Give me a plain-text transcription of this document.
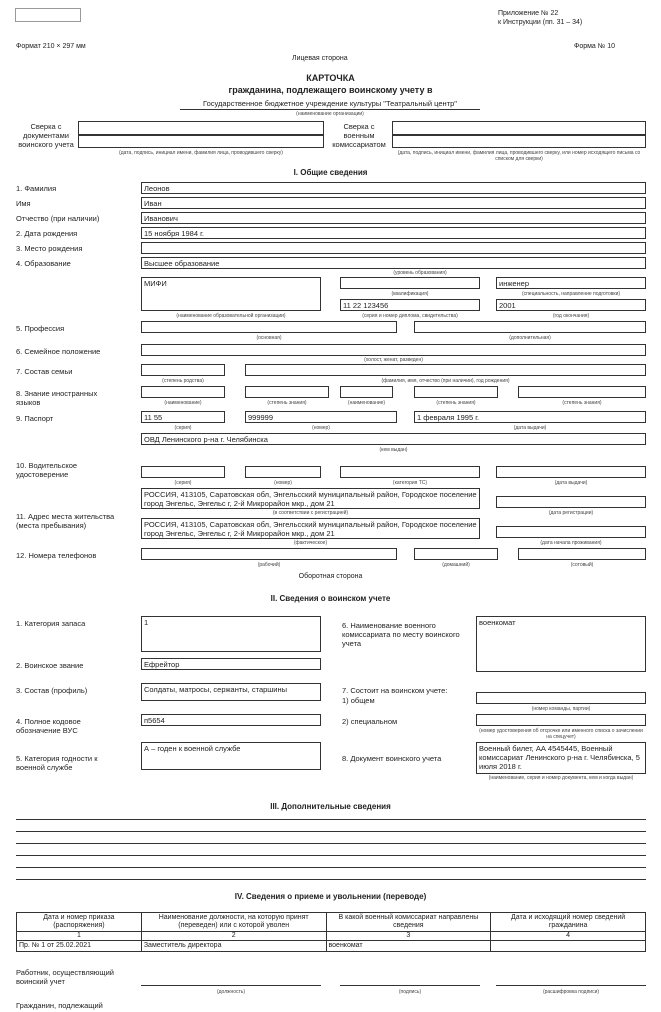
Приложение № 22
к Инструкции (пп. 31 – 34)
Формат 210 × 297 мм	Форма № 10
Лицевая сторона
КАРТОЧКА
гражданина, подлежащего воинскому учету в
Государственное бюджетное учреждение культуры "Театральный центр"
(наименование организации)
Сверка с документами воинского учета
(дата, подпись, инициал имени, фамилия лица, проводившего сверку)
Сверка с военным комиссариатом
(дата, подпись, инициал имени, фамилия лица, проводившего сверку, или номер исходящего письма со списком для сверки)
I. Общие сведения
1. Фамилия	Леонов
Имя	Иван
Отчество (при наличии)	Иванович
2. Дата рождения	15 ноября 1984 г.
3. Место рождения
4. Образование	Высшее образование
(уровень образования)
МИФИ
(наименование образовательной организации)
(квалификация)
инженер
(специальность, направление подготовки)
11 22 123456
(серия и номер диплома, свидетельства)
2001
(год окончания)
5. Профессия
(основная)	(дополнительная)
6. Семейное положение
(холост, женат, разведен)
7. Состав семьи
(степень родства)	(фамилия, имя, отчество (при наличии), год рождения)
8. Знание иностранных языков	(наименование)	(степень знания)	(наименование)	(степень знания)	(степень знания)
9. Паспорт	11 55
(серия)
999999
(номер)
1 февраля 1995 г.
(дата выдачи)
ОВД Ленинского р-на г. Челябинска
(кем выдан)
10. Водительское удостоверение
(серия)	(номер)	(категория ТС)	(дата выдачи)
11. Адрес места жительства (места пребывания)
РОССИЯ, 413105, Саратовская обл, Энгельсский муниципальный район, Городское поселение город Энгельс, Энгельс г, 2-й Микрорайон мкр., дом 21
(в соответствии с регистрацией)	(дата регистрации)
РОССИЯ, 413105, Саратовская обл, Энгельсский муниципальный район, Городское поселение город Энгельс, Энгельс г, 2-й Микрорайон мкр., дом 21
(фактическое)	(дата начала проживания)
12. Номера телефонов
(рабочий)	(домашний)	(сотовый)
Оборотная сторона
II. Сведения о воинском учете
1. Категория запаса	1	6. Наименование военного комиссариата по месту воинского учета
военкомат
2. Воинское звание	Ефрейтор
3. Состав (профиль)	Солдаты, матросы, сержанты, старшины	7. Состоит на воинском учете:
1) общем
(номер команды, партии)
4. Полное кодовое обозначение ВУС
п5654	2) специальном
(номер удостоверения об отсрочке или именного списка о зачислении на спецучет)
5. Категория годности к военной службе
А – годен к военной службе
8. Документ воинского учета
Военный билет, АА 4545445, Военный комиссариат Ленинского р-на г. Челябинска, 5 июля 2018 г.
(наименование, серия и номер документа, кем и когда выдан)
III. Дополнительные сведения
IV. Сведения о приеме и увольнении (переводе)
Дата и номер приказа (распоряжения)	Наименование должности, на которую принят (переведен) или с которой уволен	В какой военный комиссариат направлены сведения	Дата и исходящий номер сведений гражданина
1	2	3	4
Пр. № 1 от 25.02.2021	Заместитель директора	военкомат	
Работник, осуществляющий воинский учет
(должность)	(подпись)	(расшифровка подписи)
Гражданин, подлежащий
